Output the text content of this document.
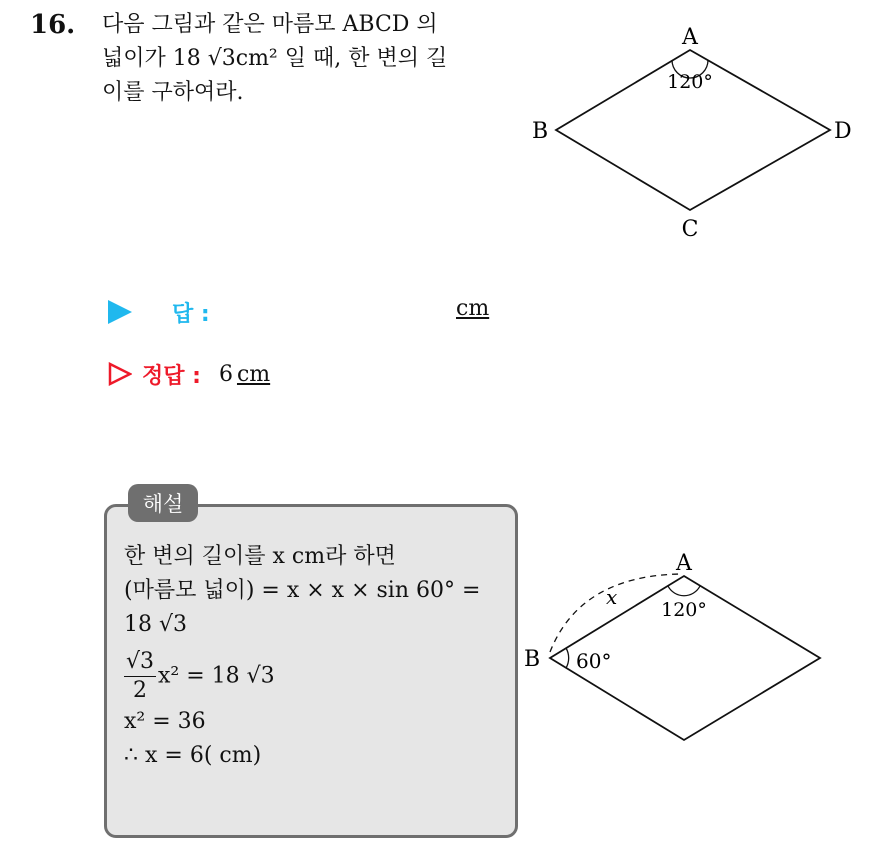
16. 다음 그림과 같은 마름모 ABCD 의
넓이가 18 √3cm² 일 때, 한 변의 길
이를 구하여라.
A
B
C
D
120°
답 :	cm
정답 : 6 cm
해설
한 변의 길이를 x cm라 하면
(마름모 넓이) = x × x × sin 60° =
18 √3
$\frac{√3}{2} x^2 = 18$ √3
x² = 36
∴ x = 6( cm)
A
B
120°
60°
x
